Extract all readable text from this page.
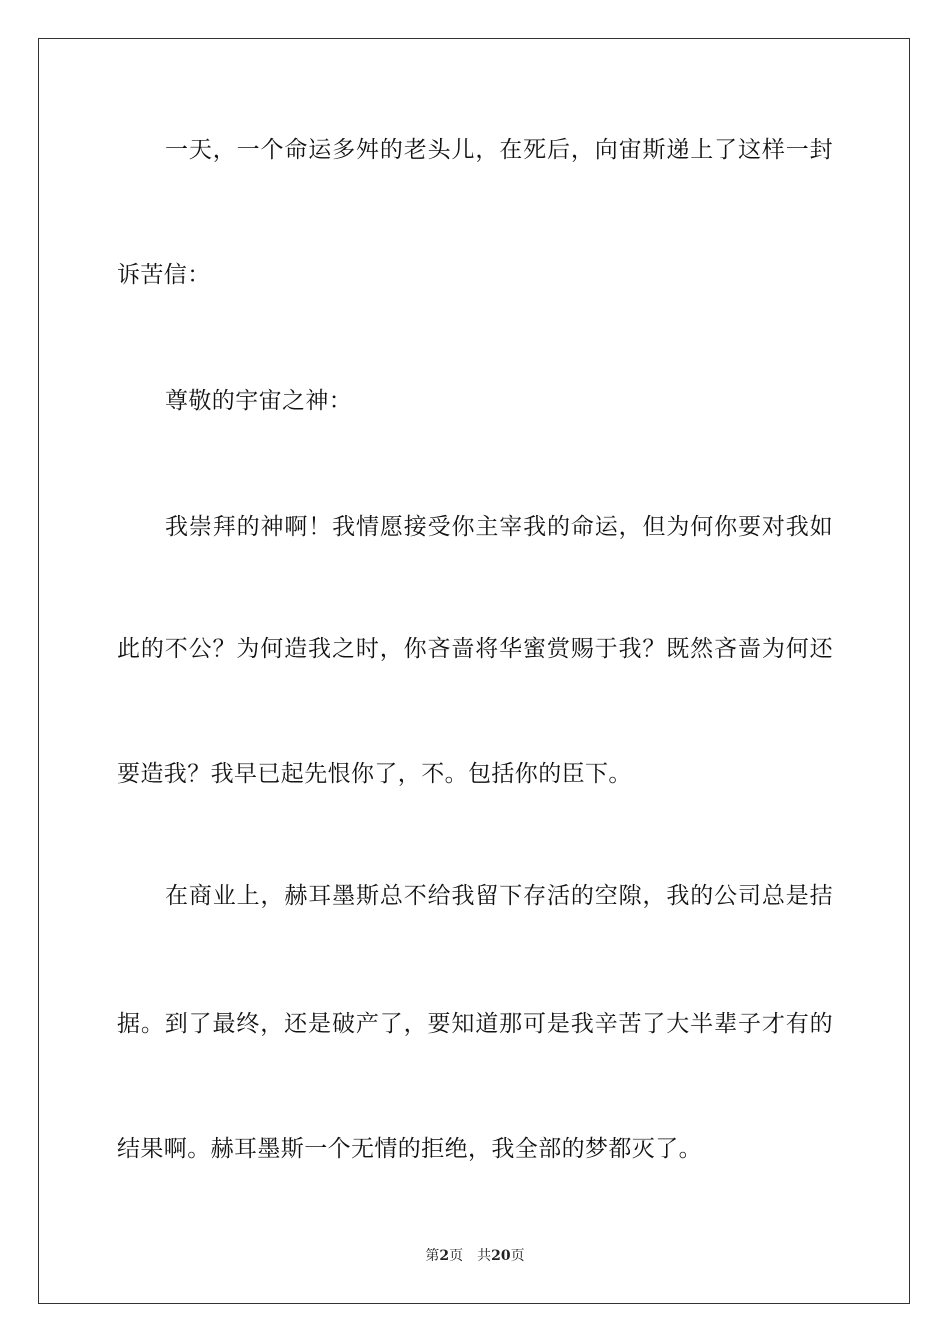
一天，一个命运多舛的老头儿，在死后，向宙斯递上了这样一封
诉苦信：
尊敬的宇宙之神：
我崇拜的神啊！我情愿接受你主宰我的命运，但为何你要对我如
此的不公？为何造我之时，你吝啬将华蜜赏赐于我？既然吝啬为何还
要造我？我早已起先恨你了，不。包括你的臣下。
在商业上，赫耳墨斯总不给我留下存活的空隙，我的公司总是拮
据。到了最终，还是破产了，要知道那可是我辛苦了大半辈子才有的
结果啊。赫耳墨斯一个无情的拒绝，我全部的梦都灭了。
第2页 共20页
